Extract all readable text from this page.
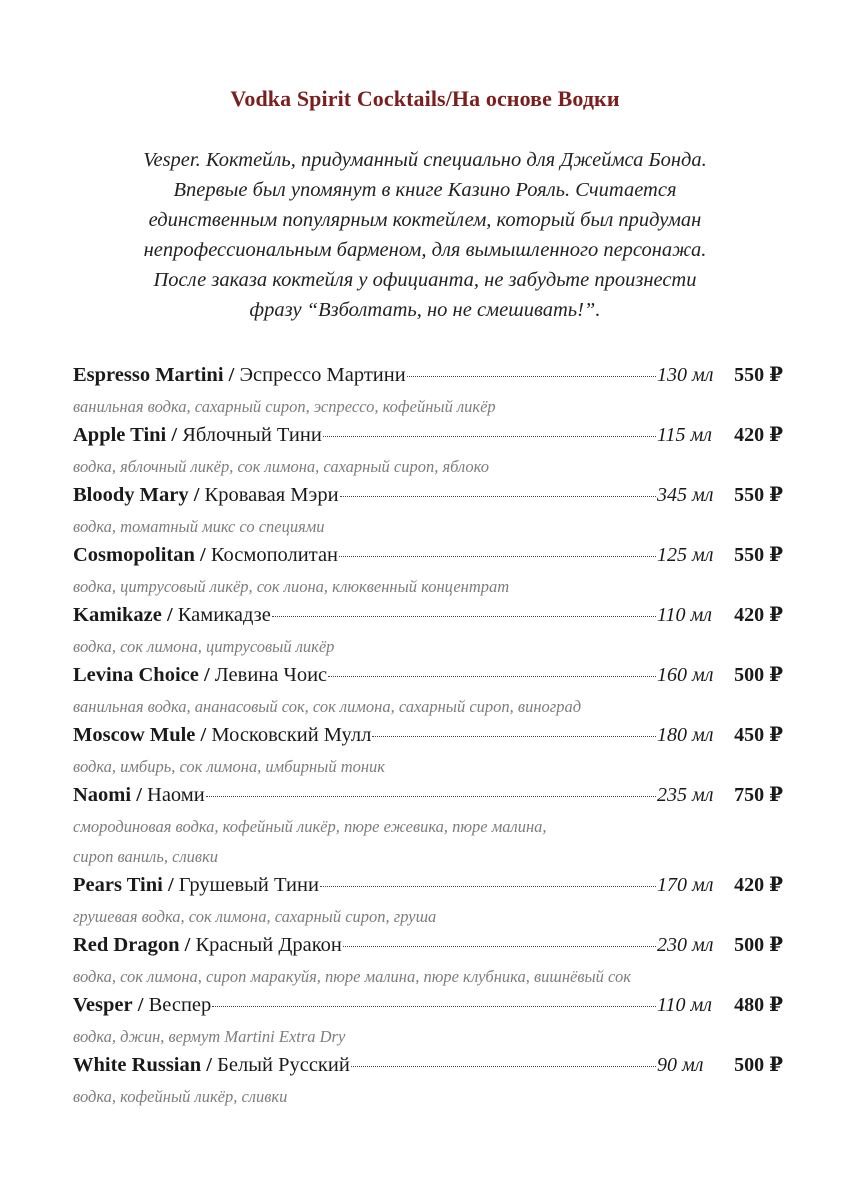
Vodka Spirit Cocktails/На основе Водки
Vesper. Коктейль, придуманный специально для Джеймса Бонда.
Впервые был упомянут в книге Казино Рояль. Считается
единственным популярным коктейлем, который был придуман
непрофессиональным барменом, для вымышленного персонажа.
После заказа коктейля у официанта, не забудьте произнести
фразу “Взболтать, но не смешивать!”.
Espresso Martini / Эспрессо Мартини	130 мл	550 ₽
ванильная водка, сахарный сироп, эспрессо, кофейный ликёр
Apple Tini / Яблочный Тини	115 мл	420 ₽
водка, яблочный ликёр, сок лимона, сахарный сироп, яблоко
Bloody Mary / Кровавая Мэри	345 мл	550 ₽
водка, томатный микс со специями
Cosmopolitan / Космополитан	125 мл	550 ₽
водка, цитрусовый ликёр, сок лиона, клюквенный концентрат
Kamikaze / Камикадзе	110 мл	420 ₽
водка, сок лимона, цитрусовый ликёр
Levina Choice / Левина Чоис	160 мл	500 ₽
ванильная водка, ананасовый сок, сок лимона, сахарный сироп, виноград
Moscow Mule / Московский Мулл	180 мл	450 ₽
водка, имбирь, сок лимона, имбирный тоник
Naomi / Наоми	235 мл	750 ₽
смородиновая водка, кофейный ликёр, пюре ежевика, пюре малина,
сироп ваниль, сливки
Pears Tini / Грушевый Тини	170 мл	420 ₽
грушевая водка, сок лимона, сахарный сироп, груша
Red Dragon / Красный Дракон	230 мл	500 ₽
водка, сок лимона, сироп маракуйя, пюре малина, пюре клубника, вишнёвый сок
Vesper / Веспер	110 мл	480 ₽
водка, джин, вермут Martini Extra Dry
White Russian / Белый Русский	90 мл	500 ₽
водка, кофейный ликёр, сливки
